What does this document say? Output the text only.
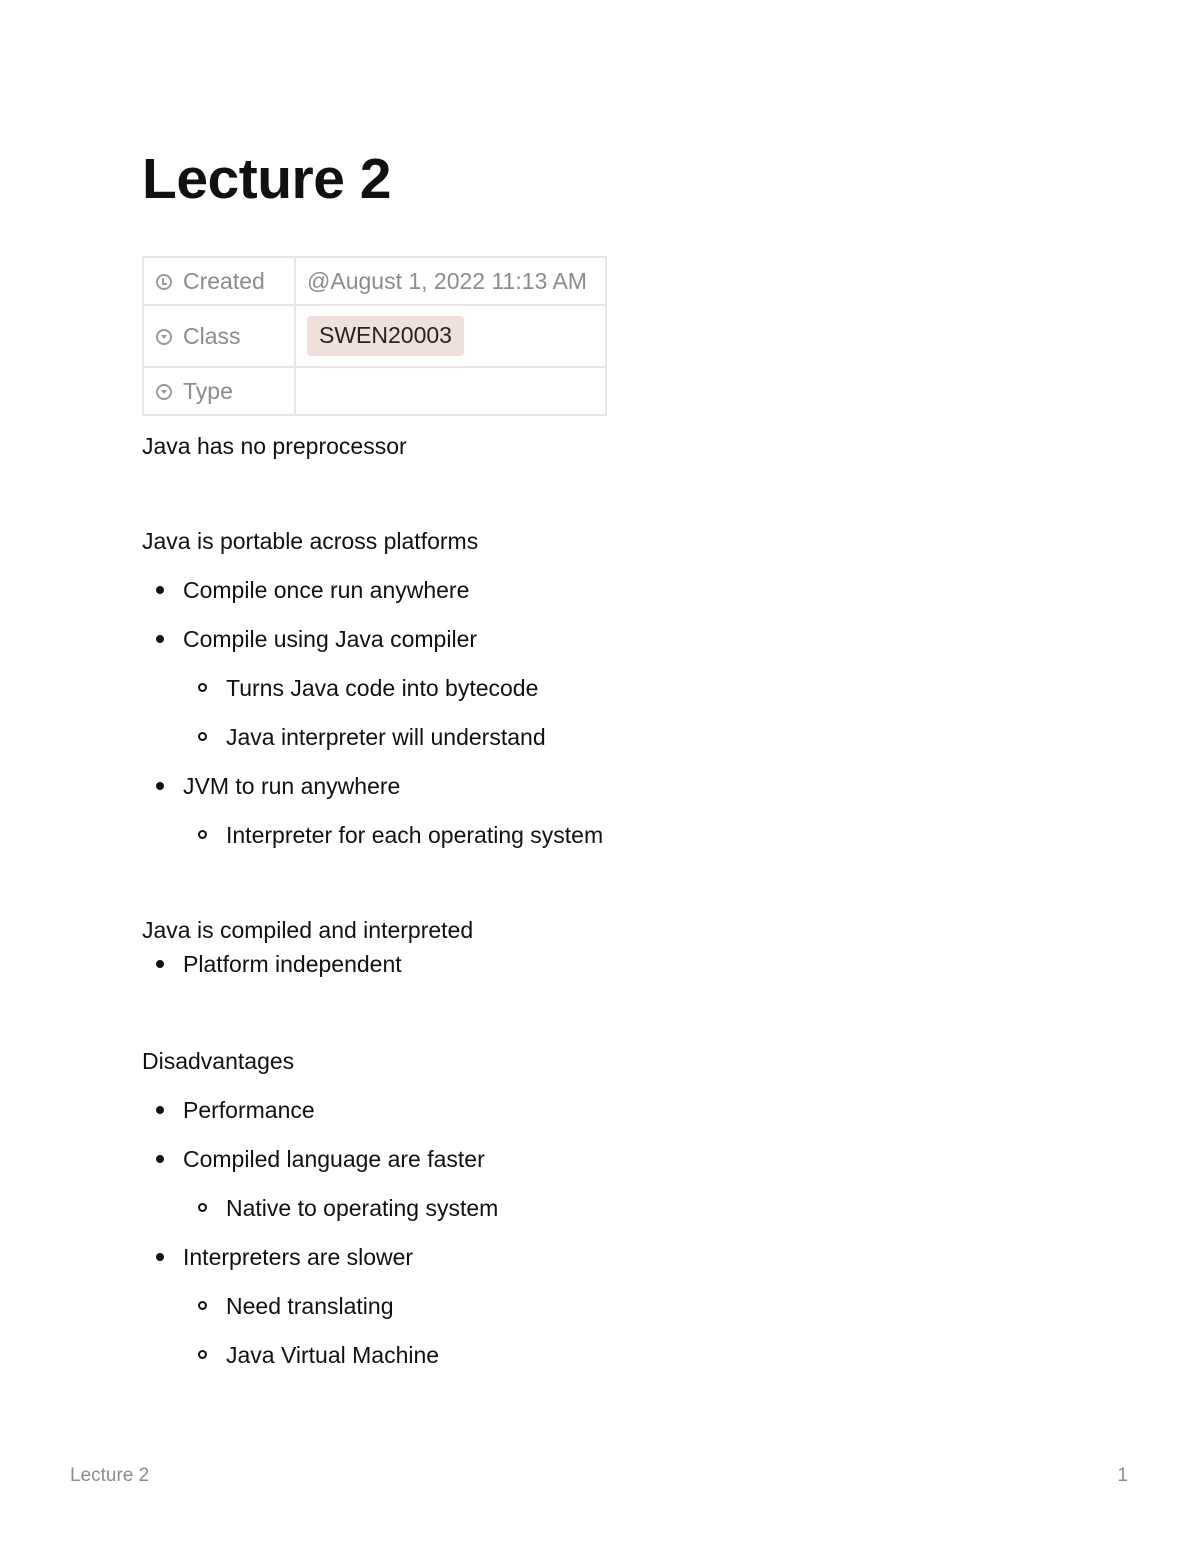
Lecture 2
Created	@August 1, 2022 11:13 AM
Class	SWEN20003
Type	

Java has no preprocessor

Java is portable across platforms

Compile once run anywhere
Compile using Java compiler
Turns Java code into bytecode
Java interpreter will understand
JVM to run anywhere
Interpreter for each operating system

Java is compiled and interpreted

Platform independent

Disadvantages

Performance
Compiled language are faster
Native to operating system
Interpreters are slower
Need translating
Java Virtual Machine
Lecture 2	1
